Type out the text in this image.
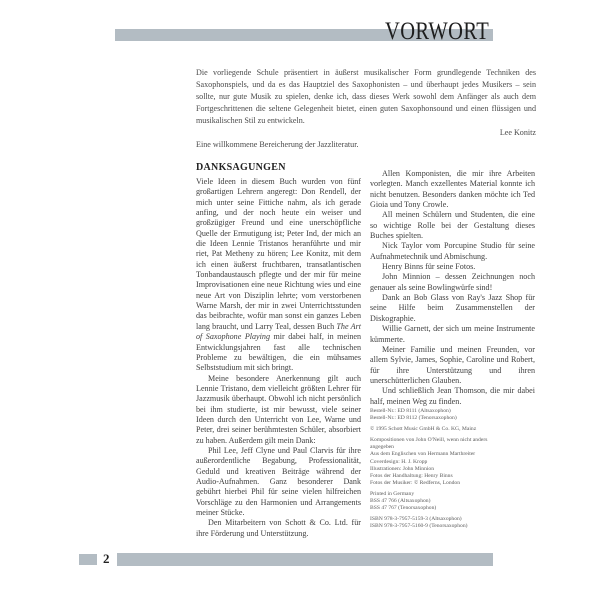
VORWORT

Die vorliegende Schule präsentiert in äußerst musikalischer Form grundlegende Techniken des Saxophonspiels, und da es das Hauptziel des Saxophonisten – und überhaupt jedes Musikers – sein sollte, nur gute Musik zu spielen, denke ich, dass dieses Werk sowohl dem Anfänger als auch dem Fortgeschrittenen die seltene Gelegenheit bietet, einen guten Saxophonsound und einen flüssigen und musikalischen Stil zu entwickeln.

Eine willkommene Bereicherung der Jazzliteratur.

Lee Konitz
DANKSAGUNGEN

Viele Ideen in diesem Buch wurden von fünf großartigen Lehrern angeregt: Don Rendell, der mich unter seine Fittiche nahm, als ich gerade anfing, und der noch heute ein weiser und großzügiger Freund und eine unerschöpfliche Quelle der Ermutigung ist; Peter Ind, der mich an die Ideen Lennie Tristanos heranführte und mir riet, Pat Metheny zu hören; Lee Konitz, mit dem ich einen äußerst fruchtbaren, transatlantischen Tonbandaustausch pflegte und der mir für meine Improvisationen eine neue Richtung wies und eine neue Art von Disziplin lehrte; vom verstorbenen Warne Marsh, der mir in zwei Unterrichtsstunden das beibrachte, wofür man sonst ein ganzes Leben lang braucht, und Larry Teal, dessen Buch The Art of Saxophone Playing mir dabei half, in meinen Entwicklungsjahren fast alle technischen Probleme zu bewältigen, die ein mühsames Selbststudium mit sich bringt.

Meine besondere Anerkennung gilt auch Lennie Tristano, dem vielleicht größten Lehrer für Jazzmusik überhaupt. Obwohl ich nicht persönlich bei ihm studierte, ist mir bewusst, viele seiner Ideen durch den Unterricht von Lee, Warne und Peter, drei seiner berühmtesten Schüler, absorbiert zu haben. Außerdem gilt mein Dank:

Phil Lee, Jeff Clyne und Paul Clarvis für ihre außerordentliche Begabung, Professionalität, Geduld und kreativen Beiträge während der Audio-Aufnahmen. Ganz besonderer Dank gebührt hierbei Phil für seine vielen hilfreichen Vorschläge zu den Harmonien und Arrangements meiner Stücke.

Den Mitarbeitern von Schott & Co. Ltd. für ihre Förderung und Unterstützung.

Allen Komponisten, die mir ihre Arbeiten vorlegten. Manch exzellentes Material konnte ich nicht benutzen. Besonders danken möchte ich Ted Gioia und Tony Crowle.

All meinen Schülern und Studenten, die eine so wichtige Rolle bei der Gestaltung dieses Buches spielten.

Nick Taylor vom Porcupine Studio für seine Aufnahmetechnik und Abmischung.

Henry Binns für seine Fotos.

John Minnion – dessen Zeichnungen noch genauer als seine Bowlingwürfe sind!

Dank an Bob Glass von Ray's Jazz Shop für seine Hilfe beim Zusammenstellen der Diskographie.

Willie Garnett, der sich um meine Instrumente kümmerte.

Meiner Familie und meinen Freunden, vor allem Sylvie, James, Sophie, Caroline und Robert, für ihre Unterstützung und ihren unerschütterlichen Glauben.

Und schließlich Jean Thomson, die mir dabei half, meinen Weg zu finden.

Bestell-Nr.: ED 8111 (Altsaxophon)
Bestell-Nr.: ED 8112 (Tenorsaxophon)
© 1995 Schott Music GmbH & Co. KG, Mainz
Kompositionen von John O'Neill, wenn nicht anders
angegeben
Aus dem Englischen von Hermann Marthreiter
Coverdesign: H. J. Kropp
Illustrationen: John Minnion
Fotos der Handhaltung: Henry Binns
Fotos der Musiker: © Redferns, London
Printed in Germany
BSS 47 766 (Altsaxophon)
BSS 47 767 (Tenorsaxophon)
ISBN 978-3-7957-5159-3 (Altsaxophon)
ISBN 978-3-7957-5160-9 (Tenorsaxophon)
2
